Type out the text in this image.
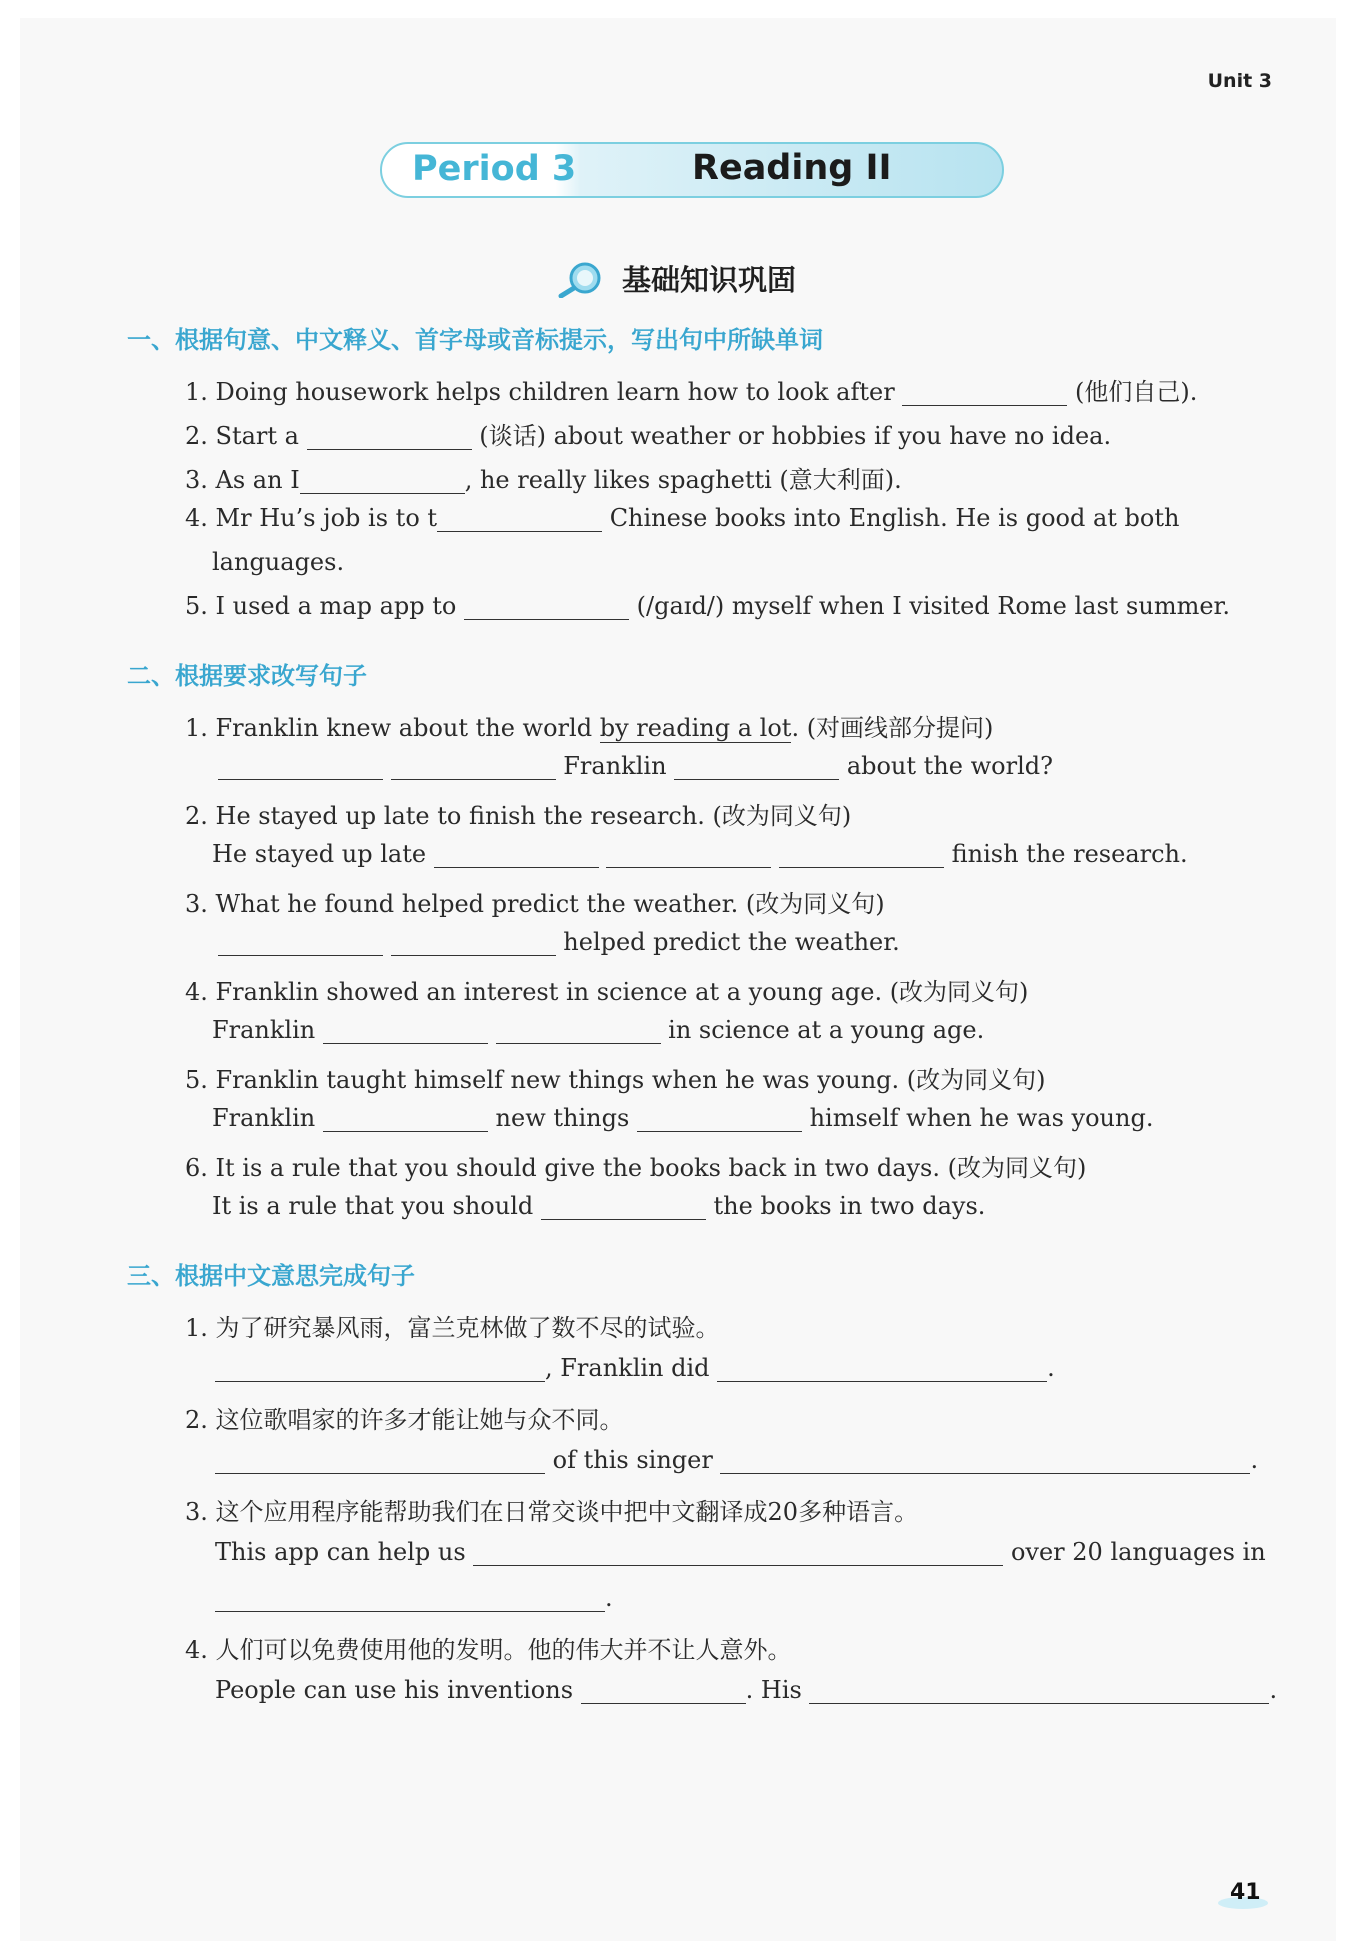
Unit 3
Period 3	Reading II
基础知识巩固
一、根据句意、中文释义、首字母或音标提示，写出句中所缺单词
1. Doing housework helps children learn how to look after	(他们自己).
2. Start a	(谈话) about weather or hobbies if you have no idea.
3. As an I	, he really likes spaghetti (意大利面).
4. Mr Hu’s job is to t	Chinese books into English. He is good at both
languages.
5. I used a map app to	(/gaɪd/) myself when I visited Rome last summer.
二、根据要求改写句子
1. Franklin knew about the world by reading a lot. (对画线部分提问)
Franklin	about the world?
2. He stayed up late to finish the research. (改为同义句)
He stayed up late	finish the research.
3. What he found helped predict the weather. (改为同义句)
helped predict the weather.
4. Franklin showed an interest in science at a young age. (改为同义句)
Franklin	in science at a young age.
5. Franklin taught himself new things when he was young. (改为同义句)
Franklin	new things	himself when he was young.
6. It is a rule that you should give the books back in two days. (改为同义句)
It is a rule that you should	the books in two days.
三、根据中文意思完成句子
1. 为了研究暴风雨，富兰克林做了数不尽的试验。
, Franklin did	.
2. 这位歌唱家的许多才能让她与众不同。
of this singer	.
3. 这个应用程序能帮助我们在日常交谈中把中文翻译成20多种语言。
This app can help us	over 20 languages in
.
4. 人们可以免费使用他的发明。他的伟大并不让人意外。
People can use his inventions	. His	.
41
